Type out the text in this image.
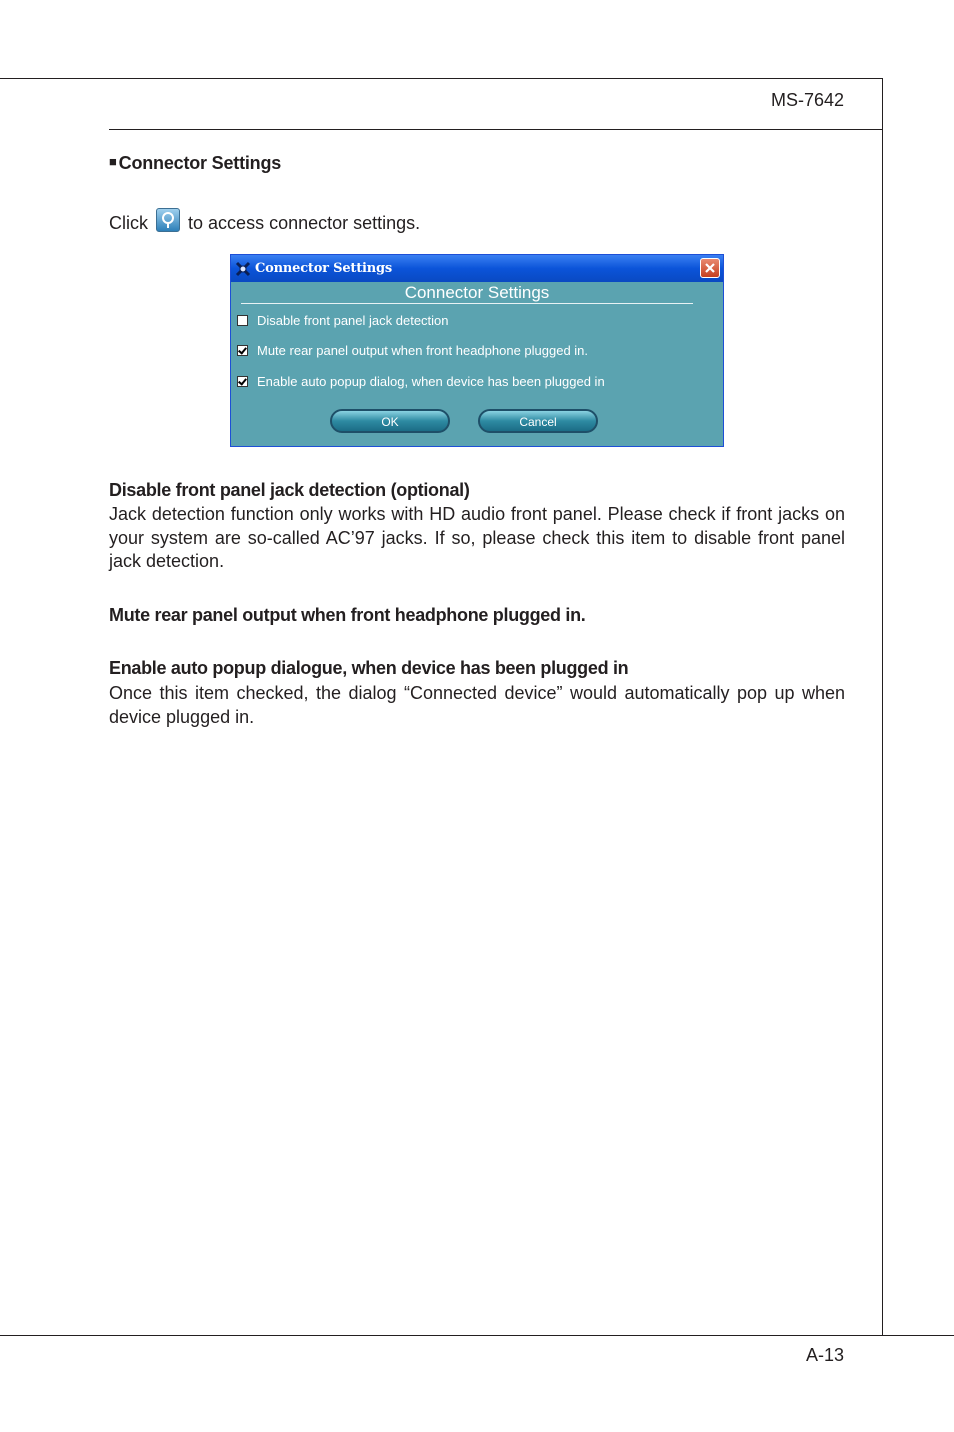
MS-7642
A-13
■ Connector Settings
Click to access connector settings.
Connector Settings
Connector Settings
Disable front panel jack detection
Mute rear panel output when front headphone plugged in.
Enable auto popup dialog, when device has been plugged in
OK	Cancel
Disable front panel jack detection (optional)
Jack detection function only works with HD audio front panel. Please check if front jacks on your system are so-called AC’97 jacks. If so, please check this item to disable front panel jack detection.
Mute rear panel output when front headphone plugged in.
Enable auto popup dialogue, when device has been plugged in
Once this item checked, the dialog “Connected device” would automatically pop up when device plugged in.
